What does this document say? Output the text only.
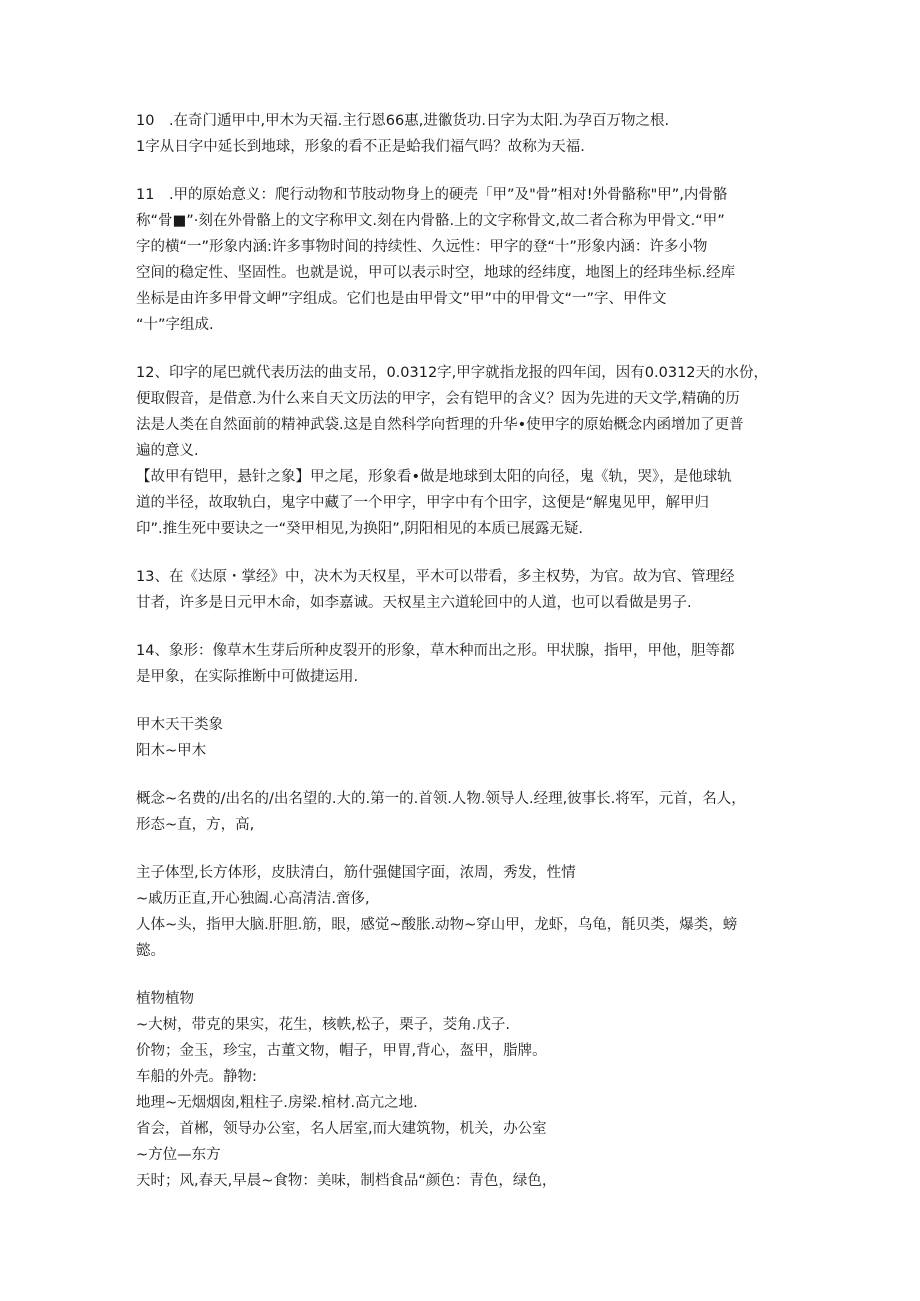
10　.在奇门遁甲中,甲木为天福.主行恩66惠,进徽货功.日字为太阳.为孕百万物之根.
1字从日字中延长到地球，形象的看不正是蛤我们福气吗？故称为天福.
11　.甲的原始意义：爬行动物和节肢动物身上的硬壳「甲”及"骨”相对!外骨骼称"甲”,内骨骼
称“骨■”·刻在外骨骼上的文字称甲文.刻在内骨骼.上的文字称骨文,故二者合称为甲骨文.“甲”
字的横“一”形象内涵:许多事物时间的持续性、久远性：甲字的登“十”形象内涵：许多小物
空间的稳定性、坚固性。也就是说，甲可以表示时空，地球的经纬度，地图上的经玮坐标.经库
坐标是由许多甲骨文岬”字组成。它们也是由甲骨文”甲”中的甲骨文“一”字、甲件文
“十”字组成.
12、印字的尾巴就代表历法的曲支吊，0.0312字,甲字就指龙报的四年闰，因有0.0312天的水份，
便取假音，是借意.为什么来自天文历法的甲字，会有铠甲的含义？因为先进的天文学,精确的历
法是人类在自然面前的精神武袋.这是自然科学向哲理的升华•使甲字的原始概念内函增加了更普
遍的意义.
【故甲有铠甲，悬针之象】甲之尾，形象看•做是地球到太阳的向径，鬼《轨，哭》，是他球轨
道的半径，故取轨白，鬼字中藏了一个甲字，甲字中有个田字，这便是“解鬼见甲，解甲归
印”.推生死中要诀之一“癸甲相见,为换阳”,阴阳相见的本质已展露无疑.
13、在《达原・掌经》中，决木为天权星，平木可以带看，多主权势，为官。故为官、管理经
甘者，许多是日元甲木命，如李嘉诚。天权星主六道轮回中的人道，也可以看做是男子.
14、象形：像草木生芽后所种皮裂开的形象，草木种而出之形。甲状腺，指甲，甲他，胆等都
是甲象，在实际推断中可做捷运用.
甲木天干类象
阳木~甲木
概念~名费的/出名的/出名望的.大的.第一的.首领.人物.领导人.经理,彼事长.将军，元首，名人，
形态~直，方，高,
主子体型,长方体形，皮肤清白，筋什强健国字面，浓周，秀发，性情
~戚历正直,开心独阖.心高清洁.啻侈,
人体~头，指甲大脑.肝胆.筋，眼，感觉~酸胀.动物~穿山甲，龙虾，乌龟，毻贝类，爆类，螃
懿。
植物植物
~大树，带克的果实，花生，核帙,松子，栗子，茭角.戊子.
价物；金玉，珍宝，古董文物，帽子，甲胃,背心，盔甲，脂牌。
车船的外壳。静物:
地理~无烟烟囱,粗柱子.房梁.棺材.高亢之地.
省会，首郴，领导办公室，名人居室,而大建筑物，机关，办公室
~方位—东方
天时；风,春天,早晨~食物：美味，制档食品“颜色：青色，绿色，
